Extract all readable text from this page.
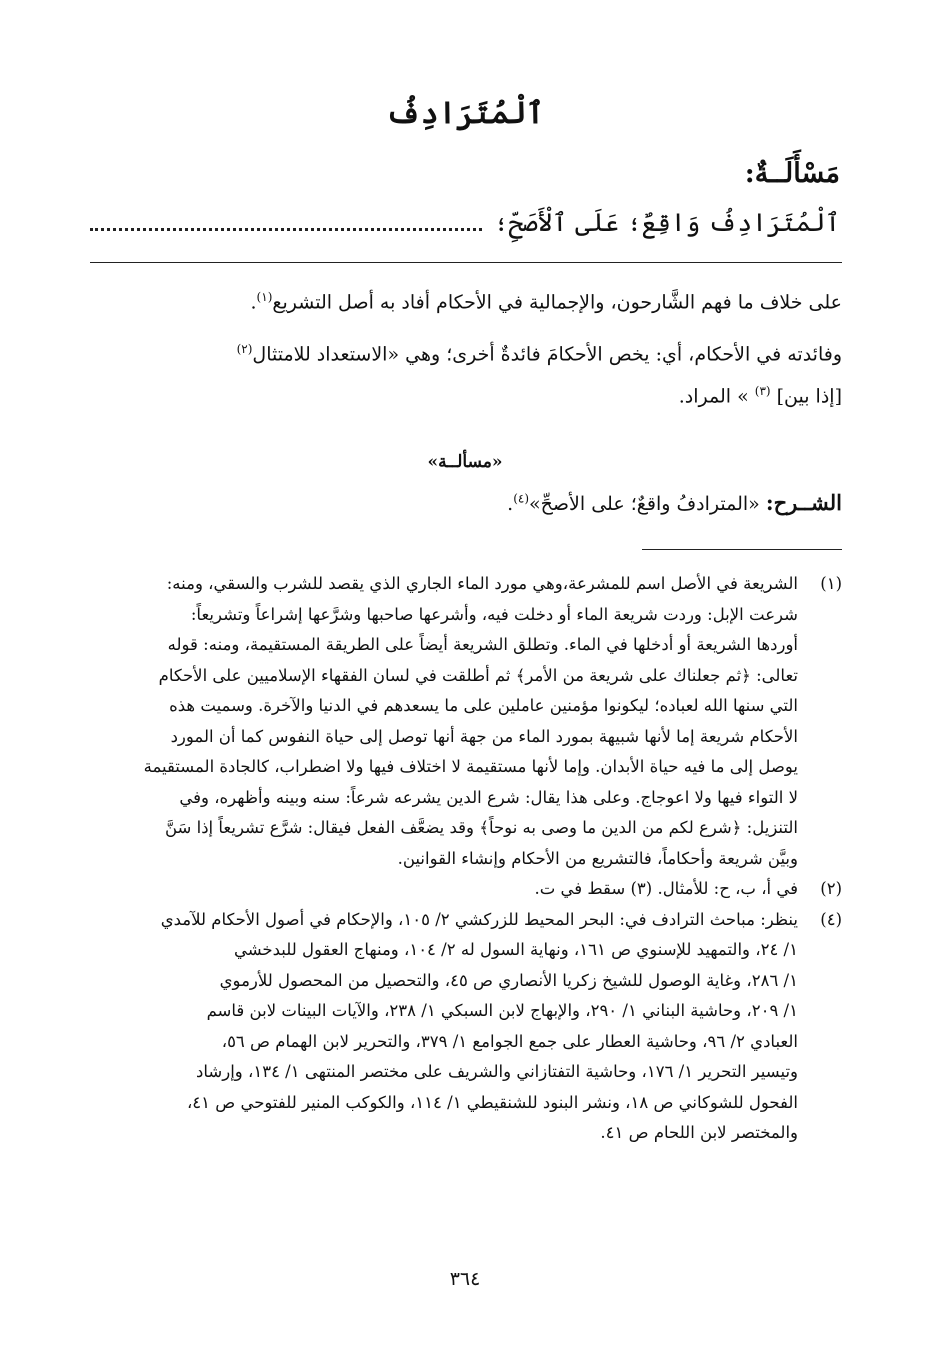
ٱلْمُتَرَادِفُ
مَسْأَلَــةٌ:
ٱلْمُتَرَادِفُ وَاقِعٌ؛ عَلَى ٱلْأَصَحِّ؛
على خلاف ما فهم الشَّارحون، والإجمالية في الأحكام أفاد به أصل التشريع$^{(١)}$.
وفائدته في الأحكام، أي: يخص الأحكامَ فائدةٌ أخرى؛ وهي «الاستعداد للامتثال$^{(٢)}$
[إذا بين] $^{(٣)}$ » المراد.
«مسألــة»
الشــرح: «المترادفُ واقعٌ؛ على الأصحِّ»$^{(٤)}$.
(١)
الشريعة في الأصل اسم للمشرعة،وهي مورد الماء الجاري الذي يقصد للشرب والسقي، ومنه:
شرعت الإبل: وردت شريعة الماء أو دخلت فيه، وأشرعها صاحبها وشرَّعها إشراعاً وتشريعاً:
أوردها الشريعة أو أدخلها في الماء. وتطلق الشريعة أيضاً على الطريقة المستقيمة، ومنه: قوله
تعالى: ﴿ثم جعلناك على شريعة من الأمر﴾ ثم أطلقت في لسان الفقهاء الإسلاميين على الأحكام
التي سنها الله لعباده؛ ليكونوا مؤمنين عاملين على ما يسعدهم في الدنيا والآخرة. وسميت هذه
الأحكام شريعة إما لأنها شبيهة بمورد الماء من جهة أنها توصل إلى حياة النفوس كما أن المورد
يوصل إلى ما فيه حياة الأبدان. وإما لأنها مستقيمة لا اختلاف فيها ولا اضطراب، كالجادة المستقيمة
لا التواء فيها ولا اعوجاج. وعلى هذا يقال: شرع الدين يشرعه شرعاً: سنه وبينه وأظهره، وفي
التنزيل: ﴿شرع لكم من الدين ما وصى به نوحاً﴾ وقد يضعَّف الفعل فيقال: شرَّع تشريعاً إذا سَنَّ
وبيَّن شريعة وأحكاماً، فالتشريع من الأحكام وإنشاء القوانين.
(٢)
في أ، ب، ح: للأمثال. (٣) سقط في ت.
(٤)
ينظر: مباحث الترادف في: البحر المحيط للزركشي ٢/ ١٠٥، والإحكام في أصول الأحكام للآمدي
١/ ٢٤، والتمهيد للإسنوي ص ١٦١، ونهاية السول له ٢/ ١٠٤، ومنهاج العقول للبدخشي
١/ ٢٨٦، وغاية الوصول للشيخ زكريا الأنصاري ص ٤٥، والتحصيل من المحصول للأرموي
١/ ٢٠٩، وحاشية البناني ١/ ٢٩٠، والإبهاج لابن السبكي ١/ ٢٣٨، والآيات البينات لابن قاسم
العبادي ٢/ ٩٦، وحاشية العطار على جمع الجوامع ١/ ٣٧٩، والتحرير لابن الهمام ص ٥٦،
وتيسير التحرير ١/ ١٧٦، وحاشية التفتازاني والشريف على مختصر المنتهى ١/ ١٣٤، وإرشاد
الفحول للشوكاني ص ١٨، ونشر البنود للشنقيطي ١/ ١١٤، والكوكب المنير للفتوحي ص ٤١،
والمختصر لابن اللحام ص ٤١.
٣٦٤
